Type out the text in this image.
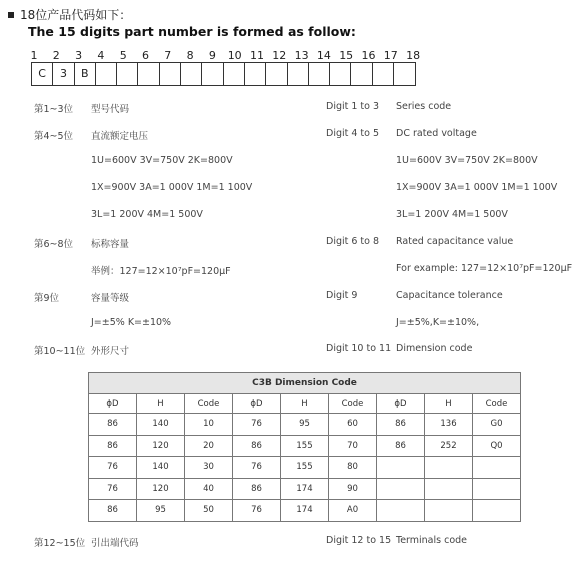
18位产品代码如下：
The 15 digits part number is formed as follow:
1	2	3	4	5	6	7	8	9	10 11 12 13 14 15 16 17 18
C	3	B
第1~3位 型号代码	Digit 1 to 3 Series code
第4~5位 直流额定电压	Digit 4 to 5 DC rated voltage
1U=600V 3V=750V 2K=800V	1U=600V 3V=750V 2K=800V
1X=900V 3A=1 000V 1M=1 100V	1X=900V 3A=1 000V 1M=1 100V
3L=1 200V 4M=1 500V	3L=1 200V 4M=1 500V
第6~8位 标称容量	Digit 6 to 8 Rated capacitance value
举例：127=12×10⁷pF=120μF	For example: 127=12×10⁷pF=120μF
第9位	容量等级	Digit 9	Capacitance tolerance
J=±5% K=±10%	J=±5%,K=±10%,
第10~11位 外形尺寸	Digit 10 to 11 Dimension code
C3B Dimension Code								
ϕD	H	Code	ϕD	H	Code	ϕD	H	Code
86	140	10	76	95	60	86	136	G0
86	120	20	86	155	70	86	252	Q0
76	140	30	76	155	80			
76	120	40	86	174	90			
86	95	50	76	174	A0			
第12~15位 引出端代码	Digit 12 to 15 Terminals code
